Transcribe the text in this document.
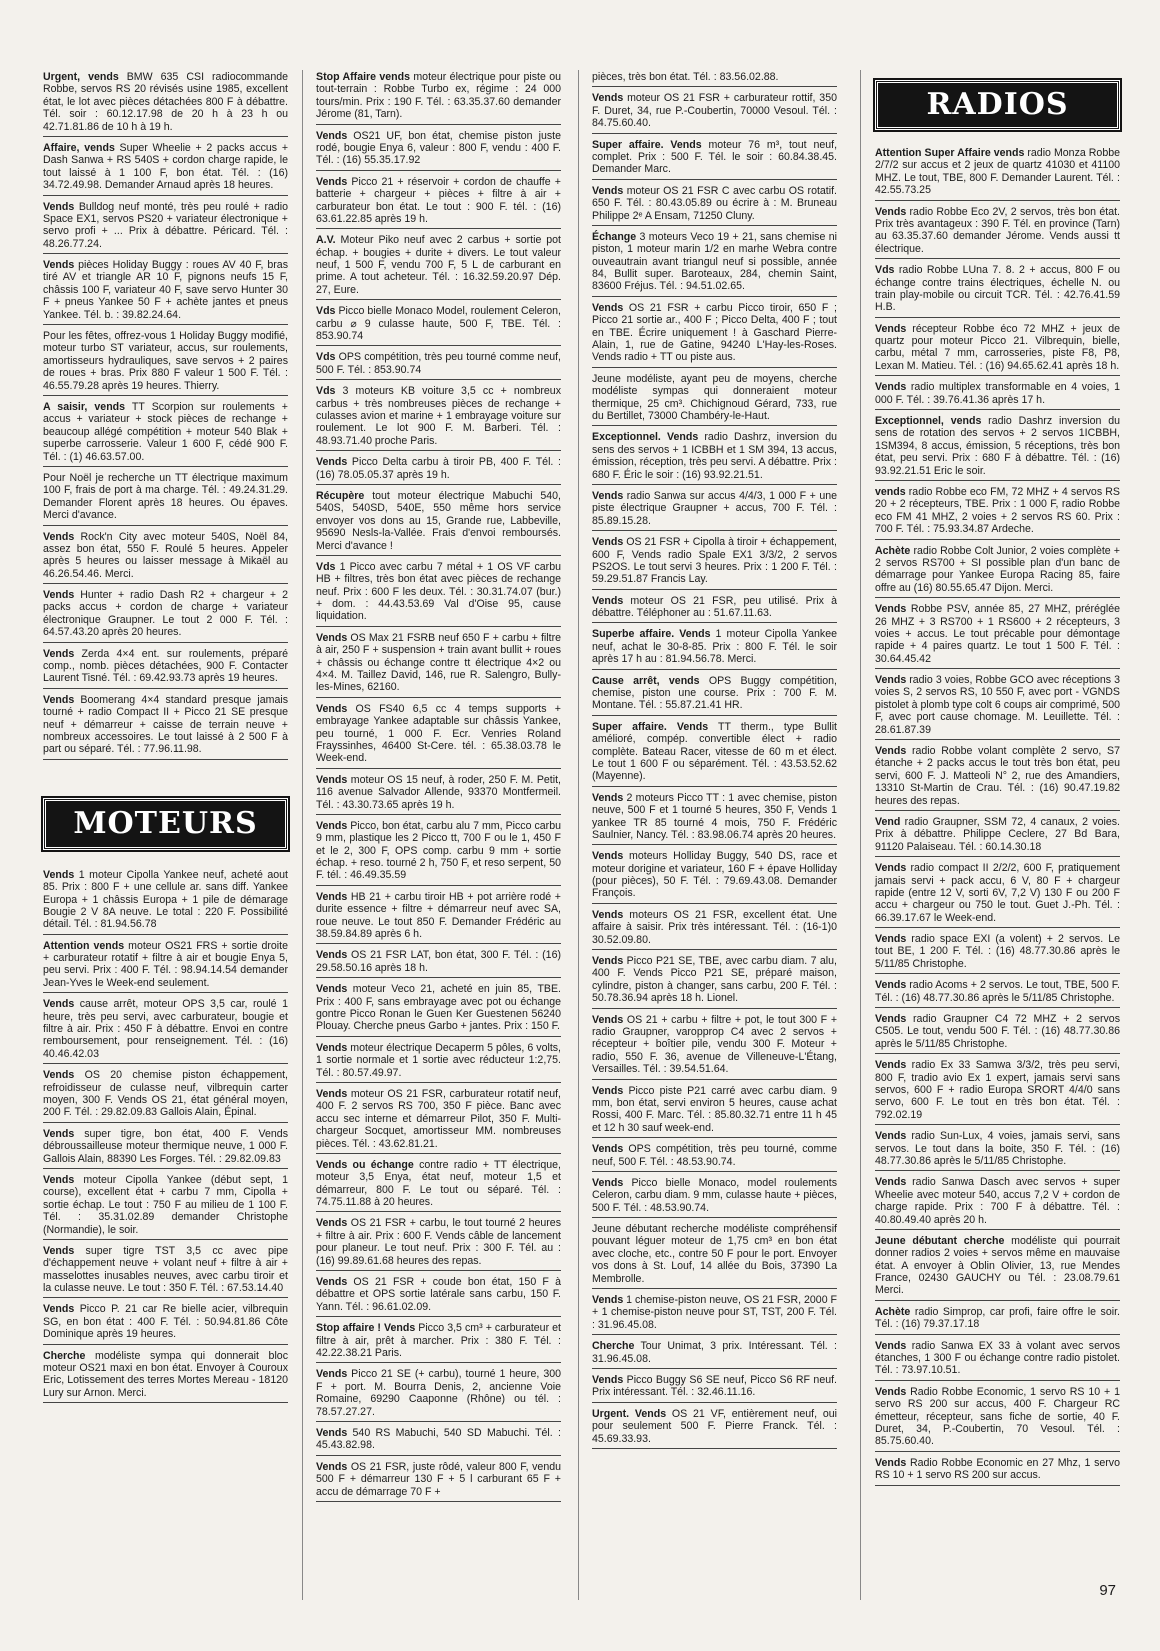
Urgent, vends BMW 635 CSI radiocommande Robbe, servos RS 20 révisés usine 1985, excellent état, le lot avec pièces détachées 800 F à débattre. Tél. soir : 60.12.17.98 de 20 h à 23 h ou 42.71.81.86 de 10 h à 19 h.
Affaire, vends Super Wheelie + 2 packs accus + Dash Sanwa + RS 540S + cordon charge rapide, le tout laissé à 1 100 F, bon état. Tél. : (16) 34.72.49.98. Demander Arnaud après 18 heures.
Vends Bulldog neuf monté, très peu roulé + radio Space EX1, servos PS20 + variateur électronique + servo profi + ... Prix à débattre. Péricard. Tél. : 48.26.77.24.
Vends pièces Holiday Buggy : roues AV 40 F, bras tiré AV et triangle AR 10 F, pignons neufs 15 F, châssis 100 F, variateur 40 F, save servo Hunter 30 F + pneus Yankee 50 F + achète jantes et pneus Yankee. Tél. b. : 39.82.24.64.
Pour les fêtes, offrez-vous 1 Holiday Buggy modifié, moteur turbo ST variateur, accus, sur roulements, amortisseurs hydrauliques, save servos + 2 paires de roues + bras. Prix 880 F valeur 1 500 F. Tél. : 46.55.79.28 après 19 heures. Thierry.
A saisir, vends TT Scorpion sur roulements + accus + variateur + stock pièces de rechange + beaucoup allégé compétition + moteur 540 Blak + superbe carrosserie. Valeur 1 600 F, cédé 900 F. Tél. : (1) 46.63.57.00.
Pour Noël je recherche un TT électrique maximum 100 F, frais de port à ma charge. Tél. : 49.24.31.29. Demander Florent après 18 heures. Ou épaves. Merci d'avance.
Vends Rock'n City avec moteur 540S, Noël 84, assez bon état, 550 F. Roulé 5 heures. Appeler après 5 heures ou laisser message à Mikaël au 46.26.54.46. Merci.
Vends Hunter + radio Dash R2 + chargeur + 2 packs accus + cordon de charge + variateur électronique Graupner. Le tout 2 000 F. Tél. : 64.57.43.20 après 20 heures.
Vends Zerda 4×4 ent. sur roulements, préparé comp., nomb. pièces détachées, 900 F. Contacter Laurent Tisné. Tél. : 69.42.93.73 après 19 heures.
Vends Boomerang 4×4 standard presque jamais tourné + radio Compact II + Picco 21 SE presque neuf + démarreur + caisse de terrain neuve + nombreux accessoires. Le tout laissé à 2 500 F à part ou séparé. Tél. : 77.96.11.98.
MOTEURS
Vends 1 moteur Cipolla Yankee neuf, acheté aout 85. Prix : 800 F + une cellule ar. sans diff. Yankee Europa + 1 châssis Europa + 1 pile de démarage Bougie 2 V 8A neuve. Le total : 220 F. Possibilité détail. Tél. : 81.94.56.78
Attention vends moteur OS21 FRS + sortie droite + carburateur rotatif + filtre à air et bougie Enya 5, peu servi. Prix : 400 F. Tél. : 98.94.14.54 demander Jean-Yves le Week-end seulement.
Vends cause arrêt, moteur OPS 3,5 car, roulé 1 heure, très peu servi, avec carburateur, bougie et filtre à air. Prix : 450 F à débattre. Envoi en contre remboursement, pour renseignement. Tél. : (16) 40.46.42.03
Vends OS 20 chemise piston échappement, refroidisseur de culasse neuf, vilbrequin carter moyen, 300 F. Vends OS 21, état général moyen, 200 F. Tél. : 29.82.09.83 Gallois Alain, Épinal.
Vends super tigre, bon état, 400 F. Vends débroussailleuse moteur thermique neuve, 1 000 F. Gallois Alain, 88390 Les Forges. Tél. : 29.82.09.83
Vends moteur Cipolla Yankee (début sept, 1 course), excellent état + carbu 7 mm, Cipolla + sortie échap. Le tout : 750 F au milieu de 1 100 F. Tél. : 35.31.02.89 demander Christophe (Normandie), le soir.
Vends super tigre TST 3,5 cc avec pipe d'échappement neuve + volant neuf + filtre à air + masselottes inusables neuves, avec carbu tiroir et la culasse neuve. Le tout : 350 F. Tél. : 67.53.14.40
Vends Picco P. 21 car Re bielle acier, vilbrequin SG, en bon état : 400 F. Tél. : 50.94.81.86 Côte Dominique après 19 heures.
Cherche modéliste sympa qui donnerait bloc moteur OS21 maxi en bon état. Envoyer à Couroux Eric, Lotissement des terres Mortes Mereau - 18120 Lury sur Arnon. Merci.
Stop Affaire vends moteur électrique pour piste ou tout-terrain : Robbe Turbo ex, régime : 24 000 tours/min. Prix : 190 F. Tél. : 63.35.37.60 demander Jérome (81, Tarn).
Vends OS21 UF, bon état, chemise piston juste rodé, bougie Enya 6, valeur : 800 F, vendu : 400 F. Tél. : (16) 55.35.17.92
Vends Picco 21 + réservoir + cordon de chauffe + batterie + chargeur + pièces + filtre à air + carburateur bon état. Le tout : 900 F. tél. : (16) 63.61.22.85 après 19 h.
A.V. Moteur Piko neuf avec 2 carbus + sortie pot échap. + bougies + durite + divers. Le tout valeur neuf, 1 500 F, vendu 700 F, 5 L de carburant en prime. A tout acheteur. Tél. : 16.32.59.20.97 Dép. 27, Eure.
Vds Picco bielle Monaco Model, roulement Celeron, carbu ⌀ 9 culasse haute, 500 F, TBE. Tél. : 853.90.74
Vds OPS compétition, très peu tourné comme neuf, 500 F. Tél. : 853.90.74
Vds 3 moteurs KB voiture 3,5 cc + nombreux carbus + très nombreuses pièces de rechange + culasses avion et marine + 1 embrayage voiture sur roulement. Le lot 900 F. M. Barberi. Tél. : 48.93.71.40 proche Paris.
Vends Picco Delta carbu à tiroir PB, 400 F. Tél. : (16) 78.05.05.37 après 19 h.
Récupère tout moteur électrique Mabuchi 540, 540S, 540SD, 540E, 550 même hors service envoyer vos dons au 15, Grande rue, Labbeville, 95690 Nesls-la-Vallée. Frais d'envoi remboursés. Merci d'avance !
Vds 1 Picco avec carbu 7 métal + 1 OS VF carbu HB + filtres, très bon état avec pièces de rechange neuf. Prix : 600 F les deux. Tél. : 30.31.74.07 (bur.) + dom. : 44.43.53.69 Val d'Oise 95, cause liquidation.
Vends OS Max 21 FSRB neuf 650 F + carbu + filtre à air, 250 F + suspension + train avant bullit + roues + châssis ou échange contre tt électrique 4×2 ou 4×4. M. Taillez David, 146, rue R. Salengro, Bully-les-Mines, 62160.
Vends OS FS40 6,5 cc 4 temps supports + embrayage Yankee adaptable sur châssis Yankee, peu tourné, 1 000 F. Ecr. Venries Roland Frayssinhes, 46400 St-Cere. tél. : 65.38.03.78 le Week-end.
Vends moteur OS 15 neuf, à roder, 250 F. M. Petit, 116 avenue Salvador Allende, 93370 Montfermeil. Tél. : 43.30.73.65 après 19 h.
Vends Picco, bon état, carbu alu 7 mm, Picco carbu 9 mm, plastique les 2 Picco tt, 700 F ou le 1, 450 F et le 2, 300 F, OPS comp. carbu 9 mm + sortie échap. + reso. tourné 2 h, 750 F, et reso serpent, 50 F. tél. : 46.49.35.59
Vends HB 21 + carbu tiroir HB + pot arrière rodé + durite essence + filtre + démarreur neuf avec SA, roue neuve. Le tout 850 F. Demander Frédéric au 38.59.84.89 après 6 h.
Vends OS 21 FSR LAT, bon état, 300 F. Tél. : (16) 29.58.50.16 après 18 h.
Vends moteur Veco 21, acheté en juin 85, TBE. Prix : 400 F, sans embrayage avec pot ou échange gontre Picco Ronan le Guen Ker Guestenen 56240 Plouay. Cherche pneus Garbo + jantes. Prix : 150 F.
Vends moteur électrique Decaperm 5 pôles, 6 volts, 1 sortie normale et 1 sortie avec réducteur 1:2,75. Tél. : 80.57.49.97.
Vends moteur OS 21 FSR, carburateur rotatif neuf, 400 F. 2 servos RS 700, 350 F pièce. Banc avec accu sec interne et démarreur Pilot, 350 F. Multi-chargeur Socquet, amortisseur MM. nombreuses pièces. Tél. : 43.62.81.21.
Vends ou échange contre radio + TT électrique, moteur 3,5 Enya, état neuf, moteur 1,5 et démarreur, 800 F. Le tout ou séparé. Tél. : 74.75.11.88 à 20 heures.
Vends OS 21 FSR + carbu, le tout tourné 2 heures + filtre à air. Prix : 600 F. Vends câble de lancement pour planeur. Le tout neuf. Prix : 300 F. Tél. au : (16) 99.89.61.68 heures des repas.
Vends OS 21 FSR + coude bon état, 150 F à débattre et OPS sortie latérale sans carbu, 150 F. Yann. Tél. : 96.61.02.09.
Stop affaire ! Vends Picco 3,5 cm³ + carburateur et filtre à air, prêt à marcher. Prix : 380 F. Tél. : 42.22.38.21 Paris.
Vends Picco 21 SE (+ carbu), tourné 1 heure, 300 F + port. M. Bourra Denis, 2, ancienne Voie Romaine, 69290 Caaponne (Rhône) ou tél. : 78.57.27.27.
Vends 540 RS Mabuchi, 540 SD Mabuchi. Tél. : 45.43.82.98.
Vends OS 21 FSR, juste rôdé, valeur 800 F, vendu 500 F + démarreur 130 F + 5 l carburant 65 F + accu de démarrage 70 F +
pièces, très bon état. Tél. : 83.56.02.88.
Vends moteur OS 21 FSR + carburateur rottif, 350 F. Duret, 34, rue P.-Coubertin, 70000 Vesoul. Tél. : 84.75.60.40.
Super affaire. Vends moteur 76 m³, tout neuf, complet. Prix : 500 F. Tél. le soir : 60.84.38.45. Demander Marc.
Vends moteur OS 21 FSR C avec carbu OS rotatif. 650 F. Tél. : 80.43.05.89 ou écrire à : M. Bruneau Philippe 2ᵉ A Ensam, 71250 Cluny.
Échange 3 moteurs Veco 19 + 21, sans chemise ni piston, 1 moteur marin 1/2 en marhe Webra contre ouveautrain avant triangul neuf si possible, année 84, Bullit super. Baroteaux, 284, chemin Saint, 83600 Fréjus. Tél. : 94.51.02.65.
Vends OS 21 FSR + carbu Picco tiroir, 650 F ; Picco 21 sortie ar., 400 F ; Picco Delta, 400 F ; tout en TBE. Écrire uniquement ! à Gaschard Pierre-Alain, 1, rue de Gatine, 94240 L'Hay-les-Roses. Vends radio + TT ou piste aus.
Jeune modéliste, ayant peu de moyens, cherche modéliste sympas qui donneraient moteur thermique, 25 cm³. Chichignoud Gérard, 733, rue du Bertillet, 73000 Chambéry-le-Haut.
Exceptionnel. Vends radio Dashrz, inversion du sens des servos + 1 ICBBH et 1 SM 394, 13 accus, émission, réception, très peu servi. A débattre. Prix : 680 F. Éric le soir : (16) 93.92.21.51.
Vends radio Sanwa sur accus 4/4/3, 1 000 F + une piste électrique Graupner + accus, 700 F. Tél. : 85.89.15.28.
Vends OS 21 FSR + Cipolla à tiroir + échappement, 600 F, Vends radio Spale EX1 3/3/2, 2 servos PS2OS. Le tout servi 3 heures. Prix : 1 200 F. Tél. : 59.29.51.87 Francis Lay.
Vends moteur OS 21 FSR, peu utilisé. Prix à débattre. Téléphoner au : 51.67.11.63.
Superbe affaire. Vends 1 moteur Cipolla Yankee neuf, achat le 30-8-85. Prix : 800 F. Tél. le soir après 17 h au : 81.94.56.78. Merci.
Cause arrêt, vends OPS Buggy compétition, chemise, piston une course. Prix : 700 F. M. Montane. Tél. : 55.87.21.41 HR.
Super affaire. Vends TT therm., type Bullit amélioré, compép. convertible élect + radio complète. Bateau Racer, vitesse de 60 m et élect. Le tout 1 600 F ou séparément. Tél. : 43.53.52.62 (Mayenne).
Vends 2 moteurs Picco TT : 1 avec chemise, piston neuve, 500 F et 1 tourné 5 heures, 350 F, Vends 1 yankee TR 85 tourné 4 mois, 750 F. Frédéric Saulnier, Nancy. Tél. : 83.98.06.74 après 20 heures.
Vends moteurs Holliday Buggy, 540 DS, race et moteur dorigine et variateur, 160 F + épave Holliday (pour pièces), 50 F. Tél. : 79.69.43.08. Demander François.
Vends moteurs OS 21 FSR, excellent état. Une affaire à saisir. Prix très intéressant. Tél. : (16-1)0 30.52.09.80.
Vends Picco P21 SE, TBE, avec carbu diam. 7 alu, 400 F. Vends Picco P21 SE, préparé maison, cylindre, piston à changer, sans carbu, 200 F. Tél. : 50.78.36.94 après 18 h. Lionel.
Vends OS 21 + carbu + filtre + pot, le tout 300 F + radio Graupner, varopprop C4 avec 2 servos + récepteur + boîtier pile, vendu 300 F. Moteur + radio, 550 F. 36, avenue de Villeneuve-L'Étang, Versailles. Tél. : 39.54.51.64.
Vends Picco piste P21 carré avec carbu diam. 9 mm, bon état, servi environ 5 heures, cause achat Rossi, 400 F. Marc. Tél. : 85.80.32.71 entre 11 h 45 et 12 h 30 sauf week-end.
Vends OPS compétition, très peu tourné, comme neuf, 500 F. Tél. : 48.53.90.74.
Vends Picco bielle Monaco, model roulements Celeron, carbu diam. 9 mm, culasse haute + pièces, 500 F. Tél. : 48.53.90.74.
Jeune débutant recherche modéliste compréhensif pouvant léguer moteur de 1,75 cm³ en bon état avec cloche, etc., contre 50 F pour le port. Envoyer vos dons à St. Louf, 14 allée du Bois, 37390 La Membrolle.
Vends 1 chemise-piston neuve, OS 21 FSR, 2000 F + 1 chemise-piston neuve pour ST, TST, 200 F. Tél. : 31.96.45.08.
Cherche Tour Unimat, 3 prix. Intéressant. Tél. : 31.96.45.08.
Vends Picco Buggy S6 SE neuf, Picco S6 RF neuf. Prix intéressant. Tél. : 32.46.11.16.
Urgent. Vends OS 21 VF, entièrement neuf, oui pour seulement 500 F. Pierre Franck. Tél. : 45.69.33.93.
RADIOS
Attention Super Affaire vends radio Monza Robbe 2/7/2 sur accus et 2 jeux de quartz 41030 et 41100 MHZ. Le tout, TBE, 800 F. Demander Laurent. Tél. : 42.55.73.25
Vends radio Robbe Eco 2V, 2 servos, très bon état. Prix très avantageux : 390 F. Tél. en province (Tarn) au 63.35.37.60 demander Jérome. Vends aussi tt électrique.
Vds radio Robbe LUna 7. 8. 2 + accus, 800 F ou échange contre trains électriques, échelle N. ou train play-mobile ou circuit TCR. Tél. : 42.76.41.59 H.B.
Vends récepteur Robbe éco 72 MHZ + jeux de quartz pour moteur Picco 21. Vilbrequin, bielle, carbu, métal 7 mm, carrosseries, piste F8, P8, Lexan M. Matieu. Tél. : (16) 94.65.62.41 après 18 h.
Vends radio multiplex transformable en 4 voies, 1 000 F. Tél. : 39.76.41.36 après 17 h.
Exceptionnel, vends radio Dashrz inversion du sens de rotation des servos + 2 servos 1ICBBH, 1SM394, 8 accus, émission, 5 réceptions, très bon état, peu servi. Prix : 680 F à débattre. Tél. : (16) 93.92.21.51 Eric le soir.
vends radio Robbe eco FM, 72 MHZ + 4 servos RS 20 + 2 récepteurs, TBE. Prix : 1 000 F, radio Robbe eco FM 41 MHZ, 2 voies + 2 servos RS 60. Prix : 700 F. Tél. : 75.93.34.87 Ardeche.
Achète radio Robbe Colt Junior, 2 voies complète + 2 servos RS700 + SI possible plan d'un banc de démarrage pour Yankee Europa Racing 85, faire offre au (16) 80.55.65.47 Dijon. Merci.
Vends Robbe PSV, année 85, 27 MHZ, préréglée 26 MHZ + 3 RS700 + 1 RS600 + 2 récepteurs, 3 voies + accus. Le tout précable pour démontage rapide + 4 paires quartz. Le tout 1 500 F. Tél. : 30.64.45.42
Vends radio 3 voies, Robbe GCO avec réceptions 3 voies S, 2 servos RS, 10 550 F, avec port - VGNDS pistolet à plomb type colt 6 coups air comprimé, 500 F, avec port cause chomage. M. Leuillette. Tél. : 28.61.87.39
Vends radio Robbe volant complète 2 servo, S7 étanche + 2 packs accus le tout très bon état, peu servi, 600 F. J. Matteoli N° 2, rue des Amandiers, 13310 St-Martin de Crau. Tél. : (16) 90.47.19.82 heures des repas.
Vend radio Graupner, SSM 72, 4 canaux, 2 voies. Prix à débattre. Philippe Ceclere, 27 Bd Bara, 91120 Palaiseau. Tél. : 60.14.30.18
Vends radio compact II 2/2/2, 600 F, pratiquement jamais servi + pack accu, 6 V, 80 F + chargeur rapide (entre 12 V, sorti 6V, 7,2 V) 130 F ou 200 F accu + chargeur ou 750 le tout. Guet J.-Ph. Tél. : 66.39.17.67 le Week-end.
Vends radio space EXI (a volent) + 2 servos. Le tout BE, 1 200 F. Tél. : (16) 48.77.30.86 après le 5/11/85 Christophe.
Vends radio Acoms + 2 servos. Le tout, TBE, 500 F. Tél. : (16) 48.77.30.86 après le 5/11/85 Christophe.
Vends radio Graupner C4 72 MHZ + 2 servos C505. Le tout, vendu 500 F. Tél. : (16) 48.77.30.86 après le 5/11/85 Christophe.
Vends radio Ex 33 Samwa 3/3/2, très peu servi, 800 F, tradio avio Ex 1 expert, jamais servi sans servos, 600 F + radio Europa SRORT 4/4/0 sans servo, 600 F. Le tout en très bon état. Tél. : 792.02.19
Vends radio Sun-Lux, 4 voies, jamais servi, sans servos. Le tout dans la boite, 350 F. Tél. : (16) 48.77.30.86 après le 5/11/85 Christophe.
Vends radio Sanwa Dasch avec servos + super Wheelie avec moteur 540, accus 7,2 V + cordon de charge rapide. Prix : 700 F à débattre. Tél. : 40.80.49.40 après 20 h.
Jeune débutant cherche modéliste qui pourrait donner radios 2 voies + servos même en mauvaise état. A envoyer à Oblin Olivier, 13, rue Mendes France, 02430 GAUCHY ou Tél. : 23.08.79.61 Merci.
Achète radio Simprop, car profi, faire offre le soir. Tél. : (16) 79.37.17.18
Vends radio Sanwa EX 33 à volant avec servos étanches, 1 300 F ou échange contre radio pistolet. Tél. : 73.97.10.51.
Vends Radio Robbe Economic, 1 servo RS 10 + 1 servo RS 200 sur accus, 400 F. Chargeur RC émetteur, récepteur, sans fiche de sortie, 40 F. Duret, 34, P.-Coubertin, 70 Vesoul. Tél. : 85.75.60.40.
Vends Radio Robbe Economic en 27 Mhz, 1 servo RS 10 + 1 servo RS 200 sur accus.
97
